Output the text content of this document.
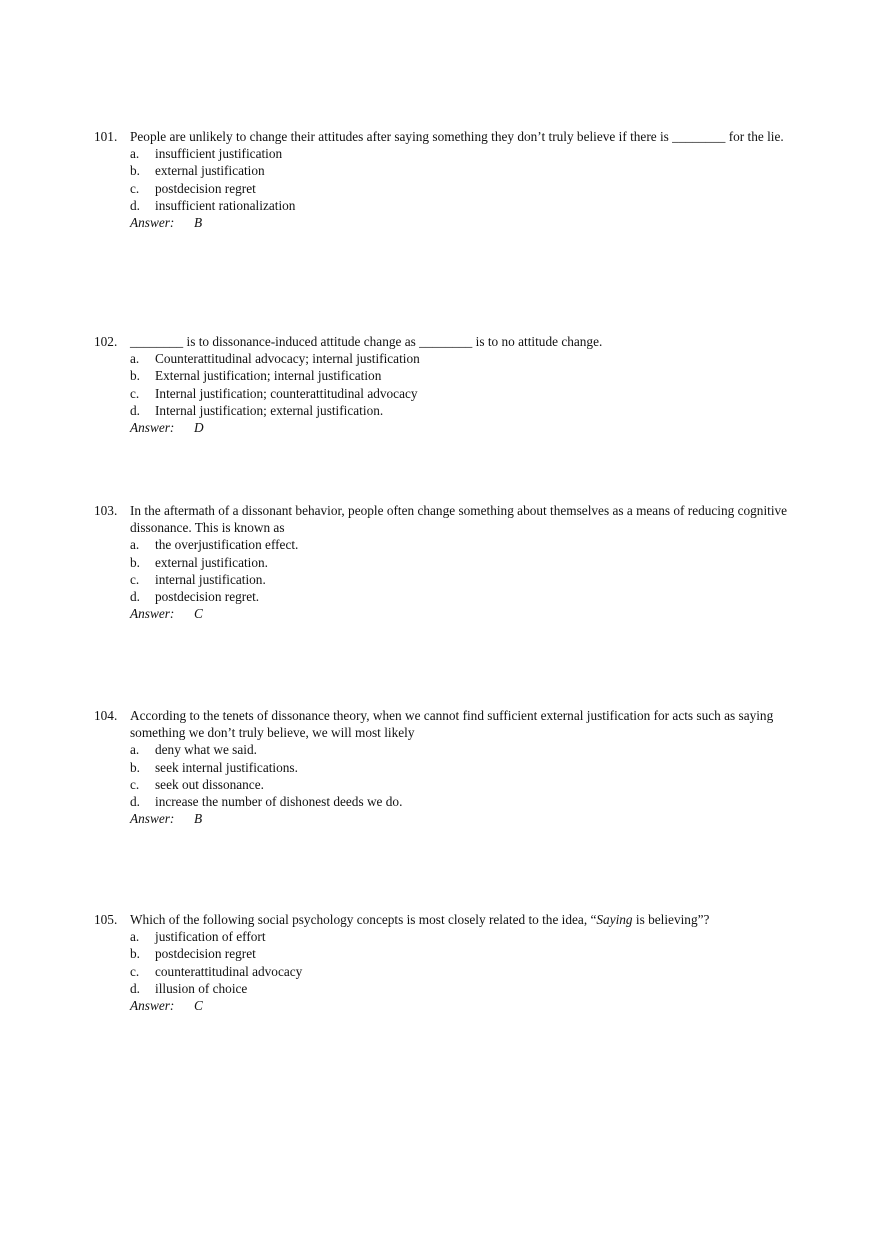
101. People are unlikely to change their attitudes after saying something they don’t truly believe if there is ________ for the lie.
a. insufficient justification
b. external justification
c. postdecision regret
d. insufficient rationalization
Answer: B
102. ________ is to dissonance-induced attitude change as ________ is to no attitude change.
a. Counterattitudinal advocacy; internal justification
b. External justification; internal justification
c. Internal justification; counterattitudinal advocacy
d. Internal justification; external justification.
Answer: D
103. In the aftermath of a dissonant behavior, people often change something about themselves as a means of reducing cognitive dissonance. This is known as
a. the overjustification effect.
b. external justification.
c. internal justification.
d. postdecision regret.
Answer: C
104. According to the tenets of dissonance theory, when we cannot find sufficient external justification for acts such as saying something we don’t truly believe, we will most likely
a. deny what we said.
b. seek internal justifications.
c. seek out dissonance.
d. increase the number of dishonest deeds we do.
Answer: B
105. Which of the following social psychology concepts is most closely related to the idea, “Saying is believing”?
a. justification of effort
b. postdecision regret
c. counterattitudinal advocacy
d. illusion of choice
Answer: C
